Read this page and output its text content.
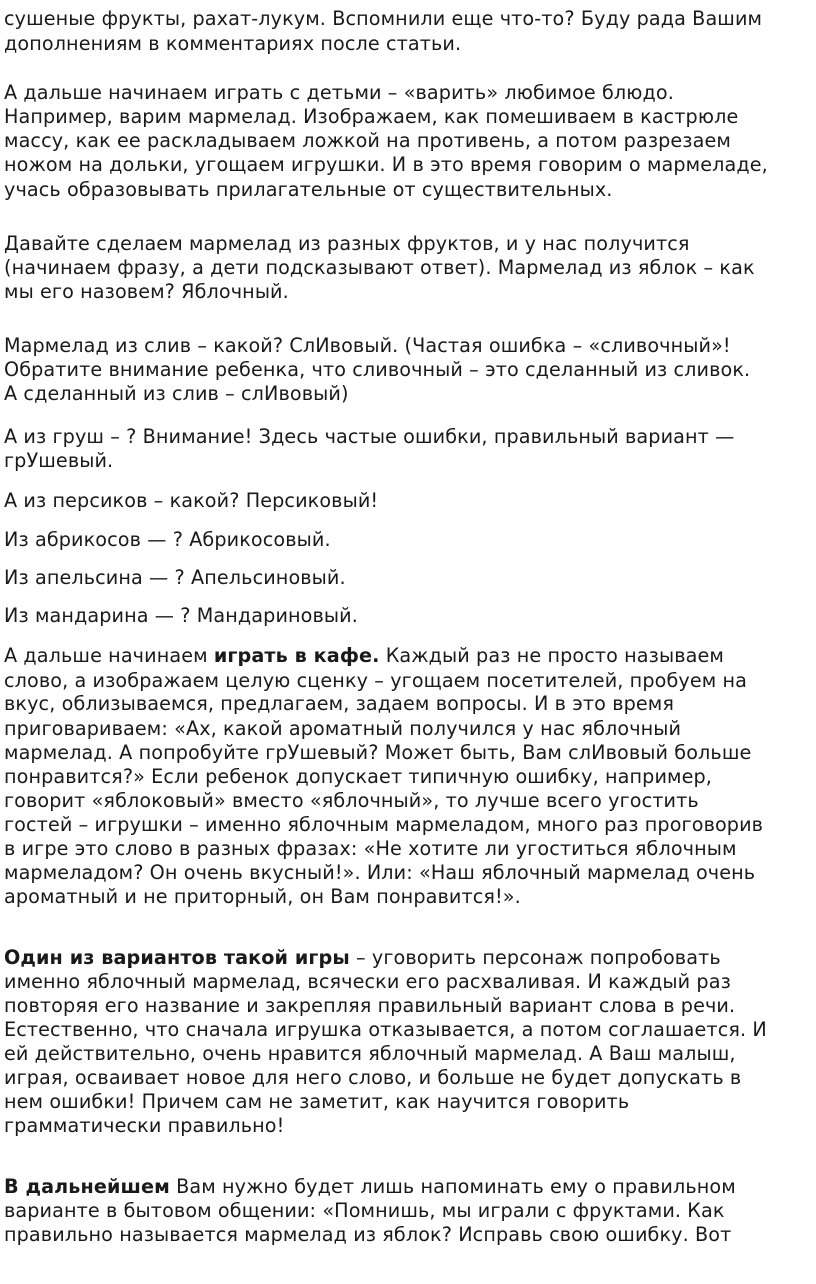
сушеные фрукты, рахат-лукум. Вспомнили еще что-то? Буду рада Вашим
дополнениям в комментариях после статьи.
А дальше начинаем играть с детьми – «варить» любимое блюдо.
Например, варим мармелад. Изображаем, как помешиваем в кастрюле
массу, как ее раскладываем ложкой на противень, а потом разрезаем
ножом на дольки, угощаем игрушки. И в это время говорим о мармеладе,
учась образовывать прилагательные от существительных.
Давайте сделаем мармелад из разных фруктов, и у нас получится
(начинаем фразу, а дети подсказывают ответ). Мармелад из яблок – как
мы его назовем? Яблочный.
Мармелад из слив – какой? СлИвовый. (Частая ошибка – «сливочный»!
Обратите внимание ребенка, что сливочный – это сделанный из сливок.
А сделанный из слив – слИвовый)
А из груш – ? Внимание! Здесь частые ошибки, правильный вариант —
грУшевый.
А из персиков – какой? Персиковый!
Из абрикосов — ? Абрикосовый.
Из апельсина — ? Апельсиновый.
Из мандарина — ? Мандариновый.
А дальше начинаем играть в кафе. Каждый раз не просто называем
слово, а изображаем целую сценку – угощаем посетителей, пробуем на
вкус, облизываемся, предлагаем, задаем вопросы. И в это время
приговариваем: «Ах, какой ароматный получился у нас яблочный
мармелад. А попробуйте грУшевый? Может быть, Вам слИвовый больше
понравится?» Если ребенок допускает типичную ошибку, например,
говорит «яблоковый» вместо «яблочный», то лучше всего угостить
гостей – игрушки – именно яблочным мармеладом, много раз проговорив
в игре это слово в разных фразах: «Не хотите ли угоститься яблочным
мармеладом? Он очень вкусный!». Или: «Наш яблочный мармелад очень
ароматный и не приторный, он Вам понравится!».
Один из вариантов такой игры – уговорить персонаж попробовать
именно яблочный мармелад, всячески его расхваливая. И каждый раз
повторяя его название и закрепляя правильный вариант слова в речи.
Естественно, что сначала игрушка отказывается, а потом соглашается. И
ей действительно, очень нравится яблочный мармелад. А Ваш малыш,
играя, осваивает новое для него слово, и больше не будет допускать в
нем ошибки! Причем сам не заметит, как научится говорить
грамматически правильно!
В дальнейшем Вам нужно будет лишь напоминать ему о правильном
варианте в бытовом общении: «Помнишь, мы играли с фруктами. Как
правильно называется мармелад из яблок? Исправь свою ошибку. Вот
